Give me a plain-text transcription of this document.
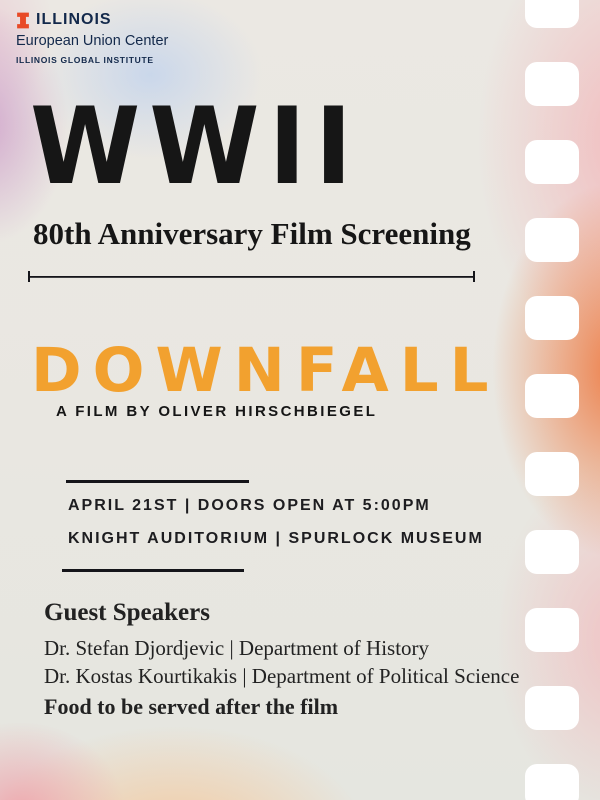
ILLINOIS
European Union Center
ILLINOIS GLOBAL INSTITUTE
WWII
80th Anniversary Film Screening
DOWNFALL
A FILM BY OLIVER HIRSCHBIEGEL
APRIL 21ST | DOORS OPEN AT 5:00PM
KNIGHT AUDITORIUM | SPURLOCK MUSEUM
Guest Speakers
Dr. Stefan Djordjevic | Department of History
Dr. Kostas Kourtikakis | Department of Political Science
Food to be served after the film
